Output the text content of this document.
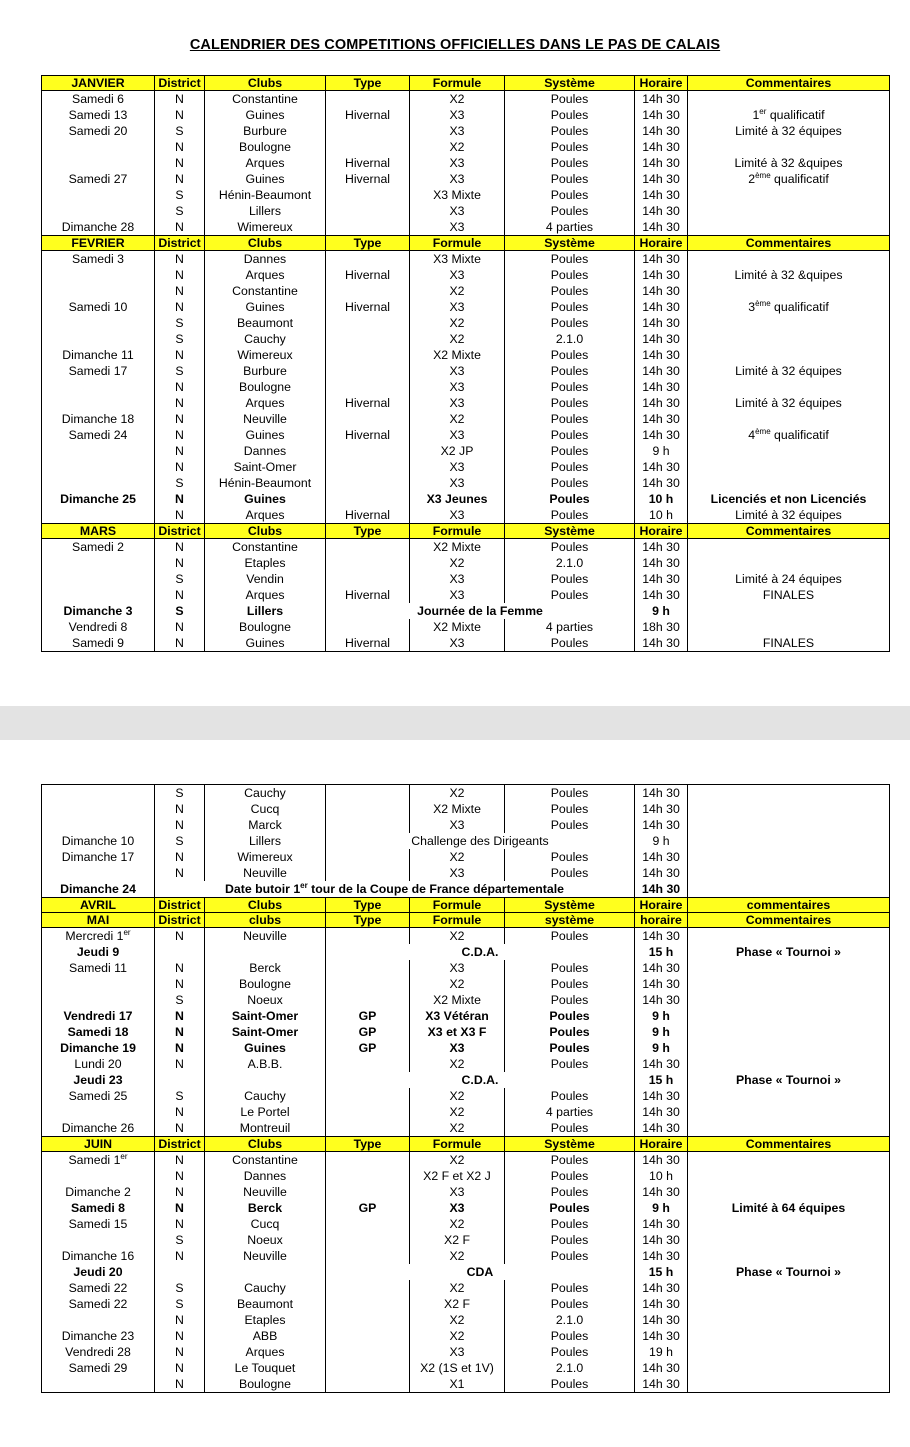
CALENDRIER DES COMPETITIONS OFFICIELLES DANS LE PAS DE CALAIS
JANVIER	District	Clubs	Type	Formule	Système	Horaire	Commentaires
Samedi 6	N	Constantine		X2	Poules	14h 30	
Samedi 13	N	Guines	Hivernal	X3	Poules	14h 30	1er qualificatif
Samedi 20	S	Burbure		X3	Poules	14h 30	Limité à 32 équipes
	N	Boulogne		X2	Poules	14h 30	
	N	Arques	Hivernal	X3	Poules	14h 30	Limité à 32 &quipes
Samedi 27	N	Guines	Hivernal	X3	Poules	14h 30	2ème qualificatif
	S	Hénin-Beaumont		X3 Mixte	Poules	14h 30	
	S	Lillers		X3	Poules	14h 30	
Dimanche 28	N	Wimereux		X3	4 parties	14h 30	
FEVRIER	District	Clubs	Type	Formule	Système	Horaire	Commentaires
Samedi 3	N	Dannes		X3 Mixte	Poules	14h 30	
	N	Arques	Hivernal	X3	Poules	14h 30	Limité à 32 &quipes
	N	Constantine		X2	Poules	14h 30	
Samedi 10	N	Guines	Hivernal	X3	Poules	14h 30	3ème qualificatif
	S	Beaumont		X2	Poules	14h 30	
	S	Cauchy		X2	2.1.0	14h 30	
Dimanche 11	N	Wimereux		X2 Mixte	Poules	14h 30	
Samedi 17	S	Burbure		X3	Poules	14h 30	Limité à 32 équipes
	N	Boulogne		X3	Poules	14h 30	
	N	Arques	Hivernal	X3	Poules	14h 30	Limité à 32 équipes
Dimanche 18	N	Neuville		X2	Poules	14h 30	
Samedi 24	N	Guines	Hivernal	X3	Poules	14h 30	4ème qualificatif
	N	Dannes		X2 JP	Poules	9 h	
	N	Saint-Omer		X3	Poules	14h 30	
	S	Hénin-Beaumont		X3	Poules	14h 30	
Dimanche 25	N	Guines		X3 Jeunes	Poules	10 h	Licenciés et non Licenciés
	N	Arques	Hivernal	X3	Poules	10 h	Limité à 32 équipes
MARS	District	Clubs	Type	Formule	Système	Horaire	Commentaires
Samedi 2	N	Constantine		X2 Mixte	Poules	14h 30	
	N	Etaples		X2	2.1.0	14h 30	
	S	Vendin		X3	Poules	14h 30	Limité à 24 équipes
	N	Arques	Hivernal	X3	Poules	14h 30	FINALES
Dimanche 3	S	Lillers	Journée de la Femme			9 h	
Vendredi 8	N	Boulogne		X2 Mixte	4 parties	18h 30	
Samedi 9	N	Guines	Hivernal	X3	Poules	14h 30	FINALES
	S	Cauchy		X2	Poules	14h 30	
	N	Cucq		X2 Mixte	Poules	14h 30	
	N	Marck		X3	Poules	14h 30	
Dimanche 10	S	Lillers	Challenge des Dirigeants			9 h	
Dimanche 17	N	Wimereux		X2	Poules	14h 30	
	N	Neuville		X3	Poules	14h 30	
Dimanche 24	Date butoir 1er tour de la Coupe de France départementale					14h 30	
AVRIL	District	Clubs	Type	Formule	Système	Horaire	commentaires
MAI	District	clubs	Type	Formule	système	horaire	Commentaires
Mercredi 1er	N	Neuville		X2	Poules	14h 30	
Jeudi 9			C.D.A.			15 h	Phase « Tournoi »
Samedi 11	N	Berck		X3	Poules	14h 30	
	N	Boulogne		X2	Poules	14h 30	
	S	Noeux		X2 Mixte	Poules	14h 30	
Vendredi 17	N	Saint-Omer	GP	X3 Vétéran	Poules	9 h	
Samedi 18	N	Saint-Omer	GP	X3 et X3 F	Poules	9 h	
Dimanche 19	N	Guines	GP	X3	Poules	9 h	
Lundi 20	N	A.B.B.		X2	Poules	14h 30	
Jeudi 23			C.D.A.			15 h	Phase « Tournoi »
Samedi 25	S	Cauchy		X2	Poules	14h 30	
	N	Le Portel		X2	4 parties	14h 30	
Dimanche 26	N	Montreuil		X2	Poules	14h 30	
JUIN	District	Clubs	Type	Formule	Système	Horaire	Commentaires
Samedi 1er	N	Constantine		X2	Poules	14h 30	
	N	Dannes		X2 F et X2 J	Poules	10 h	
Dimanche 2	N	Neuville		X3	Poules	14h 30	
Samedi 8	N	Berck	GP	X3	Poules	9 h	Limité à 64 équipes
Samedi 15	N	Cucq		X2	Poules	14h 30	
	S	Noeux		X2 F	Poules	14h 30	
Dimanche 16	N	Neuville		X2	Poules	14h 30	
Jeudi 20			CDA			15 h	Phase « Tournoi »
Samedi 22	S	Cauchy		X2	Poules	14h 30	
Samedi 22	S	Beaumont		X2 F	Poules	14h 30	
	N	Etaples		X2	2.1.0	14h 30	
Dimanche 23	N	ABB		X2	Poules	14h 30	
Vendredi 28	N	Arques		X3	Poules	19 h	
Samedi 29	N	Le Touquet		X2 (1S et 1V)	2.1.0	14h 30	
	N	Boulogne		X1	Poules	14h 30	
